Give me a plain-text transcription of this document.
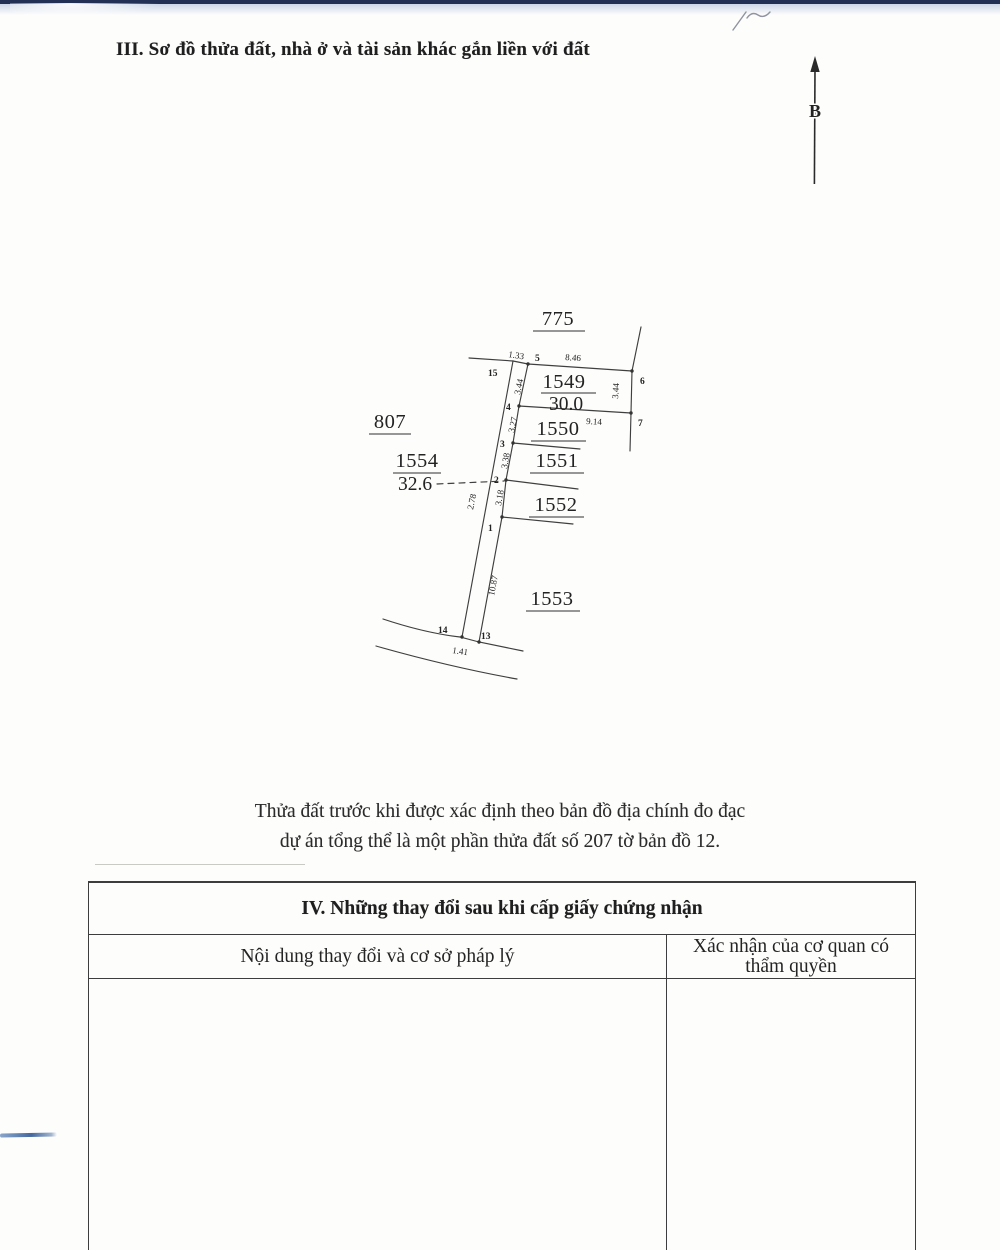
III. Sơ đồ thửa đất, nhà ở và tài sản khác gắn liền với đất
B
15
5
6
4
7
3
2
1
14
13
1.33	8.46
3.44	3.44
9.14
3.27
3.38
3.18
2.78
10.87
1.41
775
807
1549
30.0
1550
1551
1552
1553
1554
32.6
Thửa đất trước khi được xác định theo bản đồ địa chính đo đạc
dự án tổng thể là một phần thửa đất số 207 tờ bản đồ 12.
IV. Những thay đổi sau khi cấp giấy chứng nhận
Nội dung thay đổi và cơ sở pháp lý	Xác nhận của cơ quan có thẩm quyền
